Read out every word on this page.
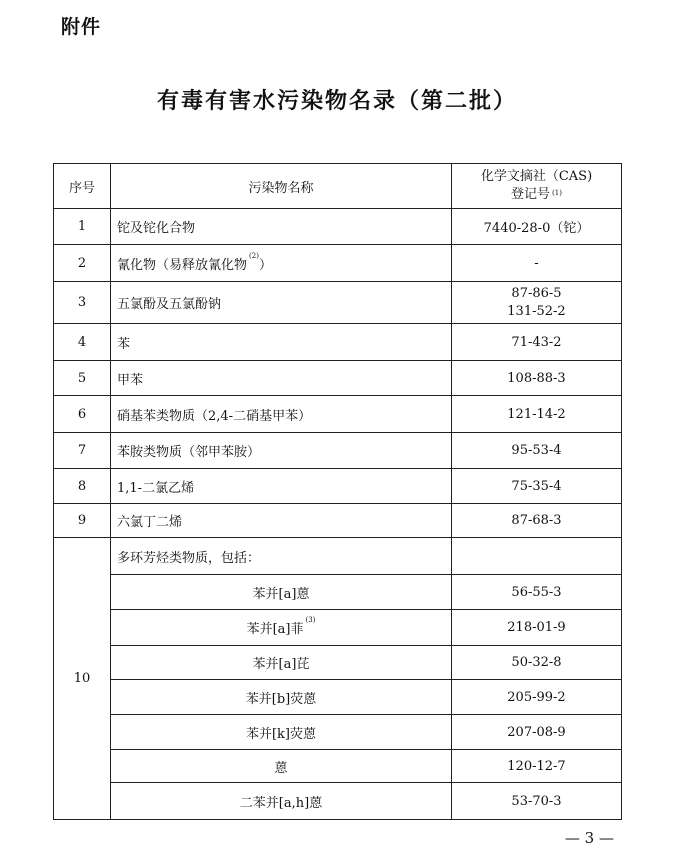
附件
有毒有害水污染物名录（第二批）
序号	污染物名称	化学文摘社（CAS)
登记号 $^{(1)}$

1	铊及铊化合物	7440-28-0（铊）
2	氰化物（易释放氰化物$^{(2)}$）	-
3	五氯酚及五氯酚钠	87-86-5
131-52-2

4	苯	71-43-2
5	甲苯	108-88-3
6	硝基苯类物质（2,4-二硝基甲苯）	121-14-2
7	苯胺类物质（邻甲苯胺）	95-53-4
8	1,1-二氯乙烯	75-35-4
9	六氯丁二烯	87-68-3
10	多环芳烃类物质，包括：	
	苯并[a]蒽	56-55-3
	苯并[a]菲$^{(3)}$	218-01-9
	苯并[a]芘	50-32-8
	苯并[b]荧蒽	205-99-2
	苯并[k]荧蒽	207-08-9
	蒽	120-12-7
	二苯并[a,h]蒽	53-70-3
— 3 —
